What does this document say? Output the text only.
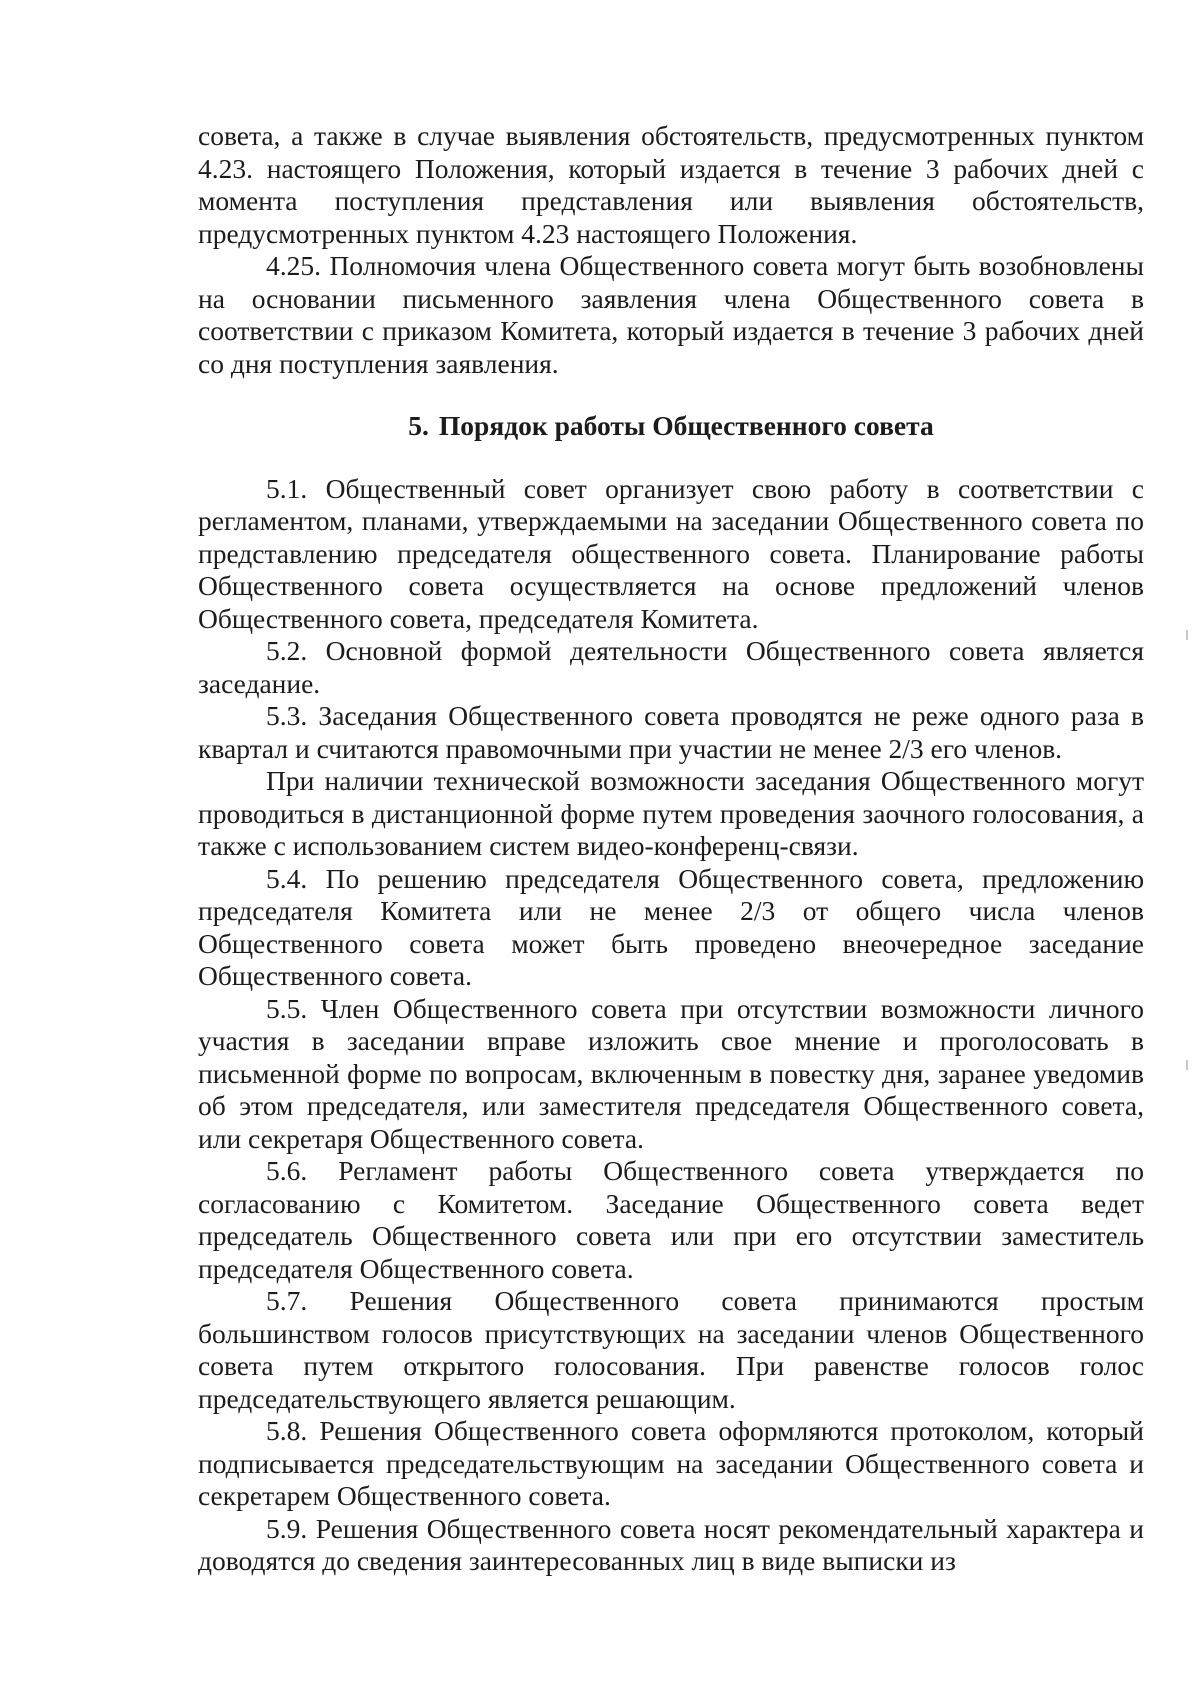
совета, а также в случае выявления обстоятельств, предусмотренных пунктом 4.23. настоящего Положения, который издается в течение 3 рабочих дней с момента поступления представления или выявления обстоятельств, предусмотренных пунктом 4.23 настоящего Положения.

4.25. Полномочия члена Общественного совета могут быть возобновлены на основании письменного заявления члена Общественного совета в соответствии с приказом Комитета, который издается в течение 3 рабочих дней со дня поступления заявления.

5. Порядок работы Общественного совета

5.1. Общественный совет организует свою работу в соответствии с регламентом, планами, утверждаемыми на заседании Общественного совета по представлению председателя общественного совета. Планирование работы Общественного совета осуществляется на основе предложений членов Общественного совета, председателя Комитета.

5.2. Основной формой деятельности Общественного совета является заседание.

5.3. Заседания Общественного совета проводятся не реже одного раза в квартал и считаются правомочными при участии не менее 2/3 его членов.

При наличии технической возможности заседания Общественного могут проводиться в дистанционной форме путем проведения заочного голосования, а также с использованием систем видео-конференц-связи.

5.4. По решению председателя Общественного совета, предложению председателя Комитета или не менее 2/3 от общего числа членов Общественного совета может быть проведено внеочередное заседание Общественного совета.

5.5. Член Общественного совета при отсутствии возможности личного участия в заседании вправе изложить свое мнение и проголосовать в письменной форме по вопросам, включенным в повестку дня, заранее уведомив об этом председателя, или заместителя председателя Общественного совета, или секретаря Общественного совета.

5.6. Регламент работы Общественного совета утверждается по согласованию с Комитетом. Заседание Общественного совета ведет председатель Общественного совета или при его отсутствии заместитель председателя Общественного совета.

5.7. Решения Общественного совета принимаются простым большинством голосов присутствующих на заседании членов Общественного совета путем открытого голосования. При равенстве голосов голос председательствующего является решающим.

5.8. Решения Общественного совета оформляются протоколом, который подписывается председательствующим на заседании Общественного совета и секретарем Общественного совета.

5.9. Решения Общественного совета носят рекомендательный характера и доводятся до сведения заинтересованных лиц в виде выписки из
